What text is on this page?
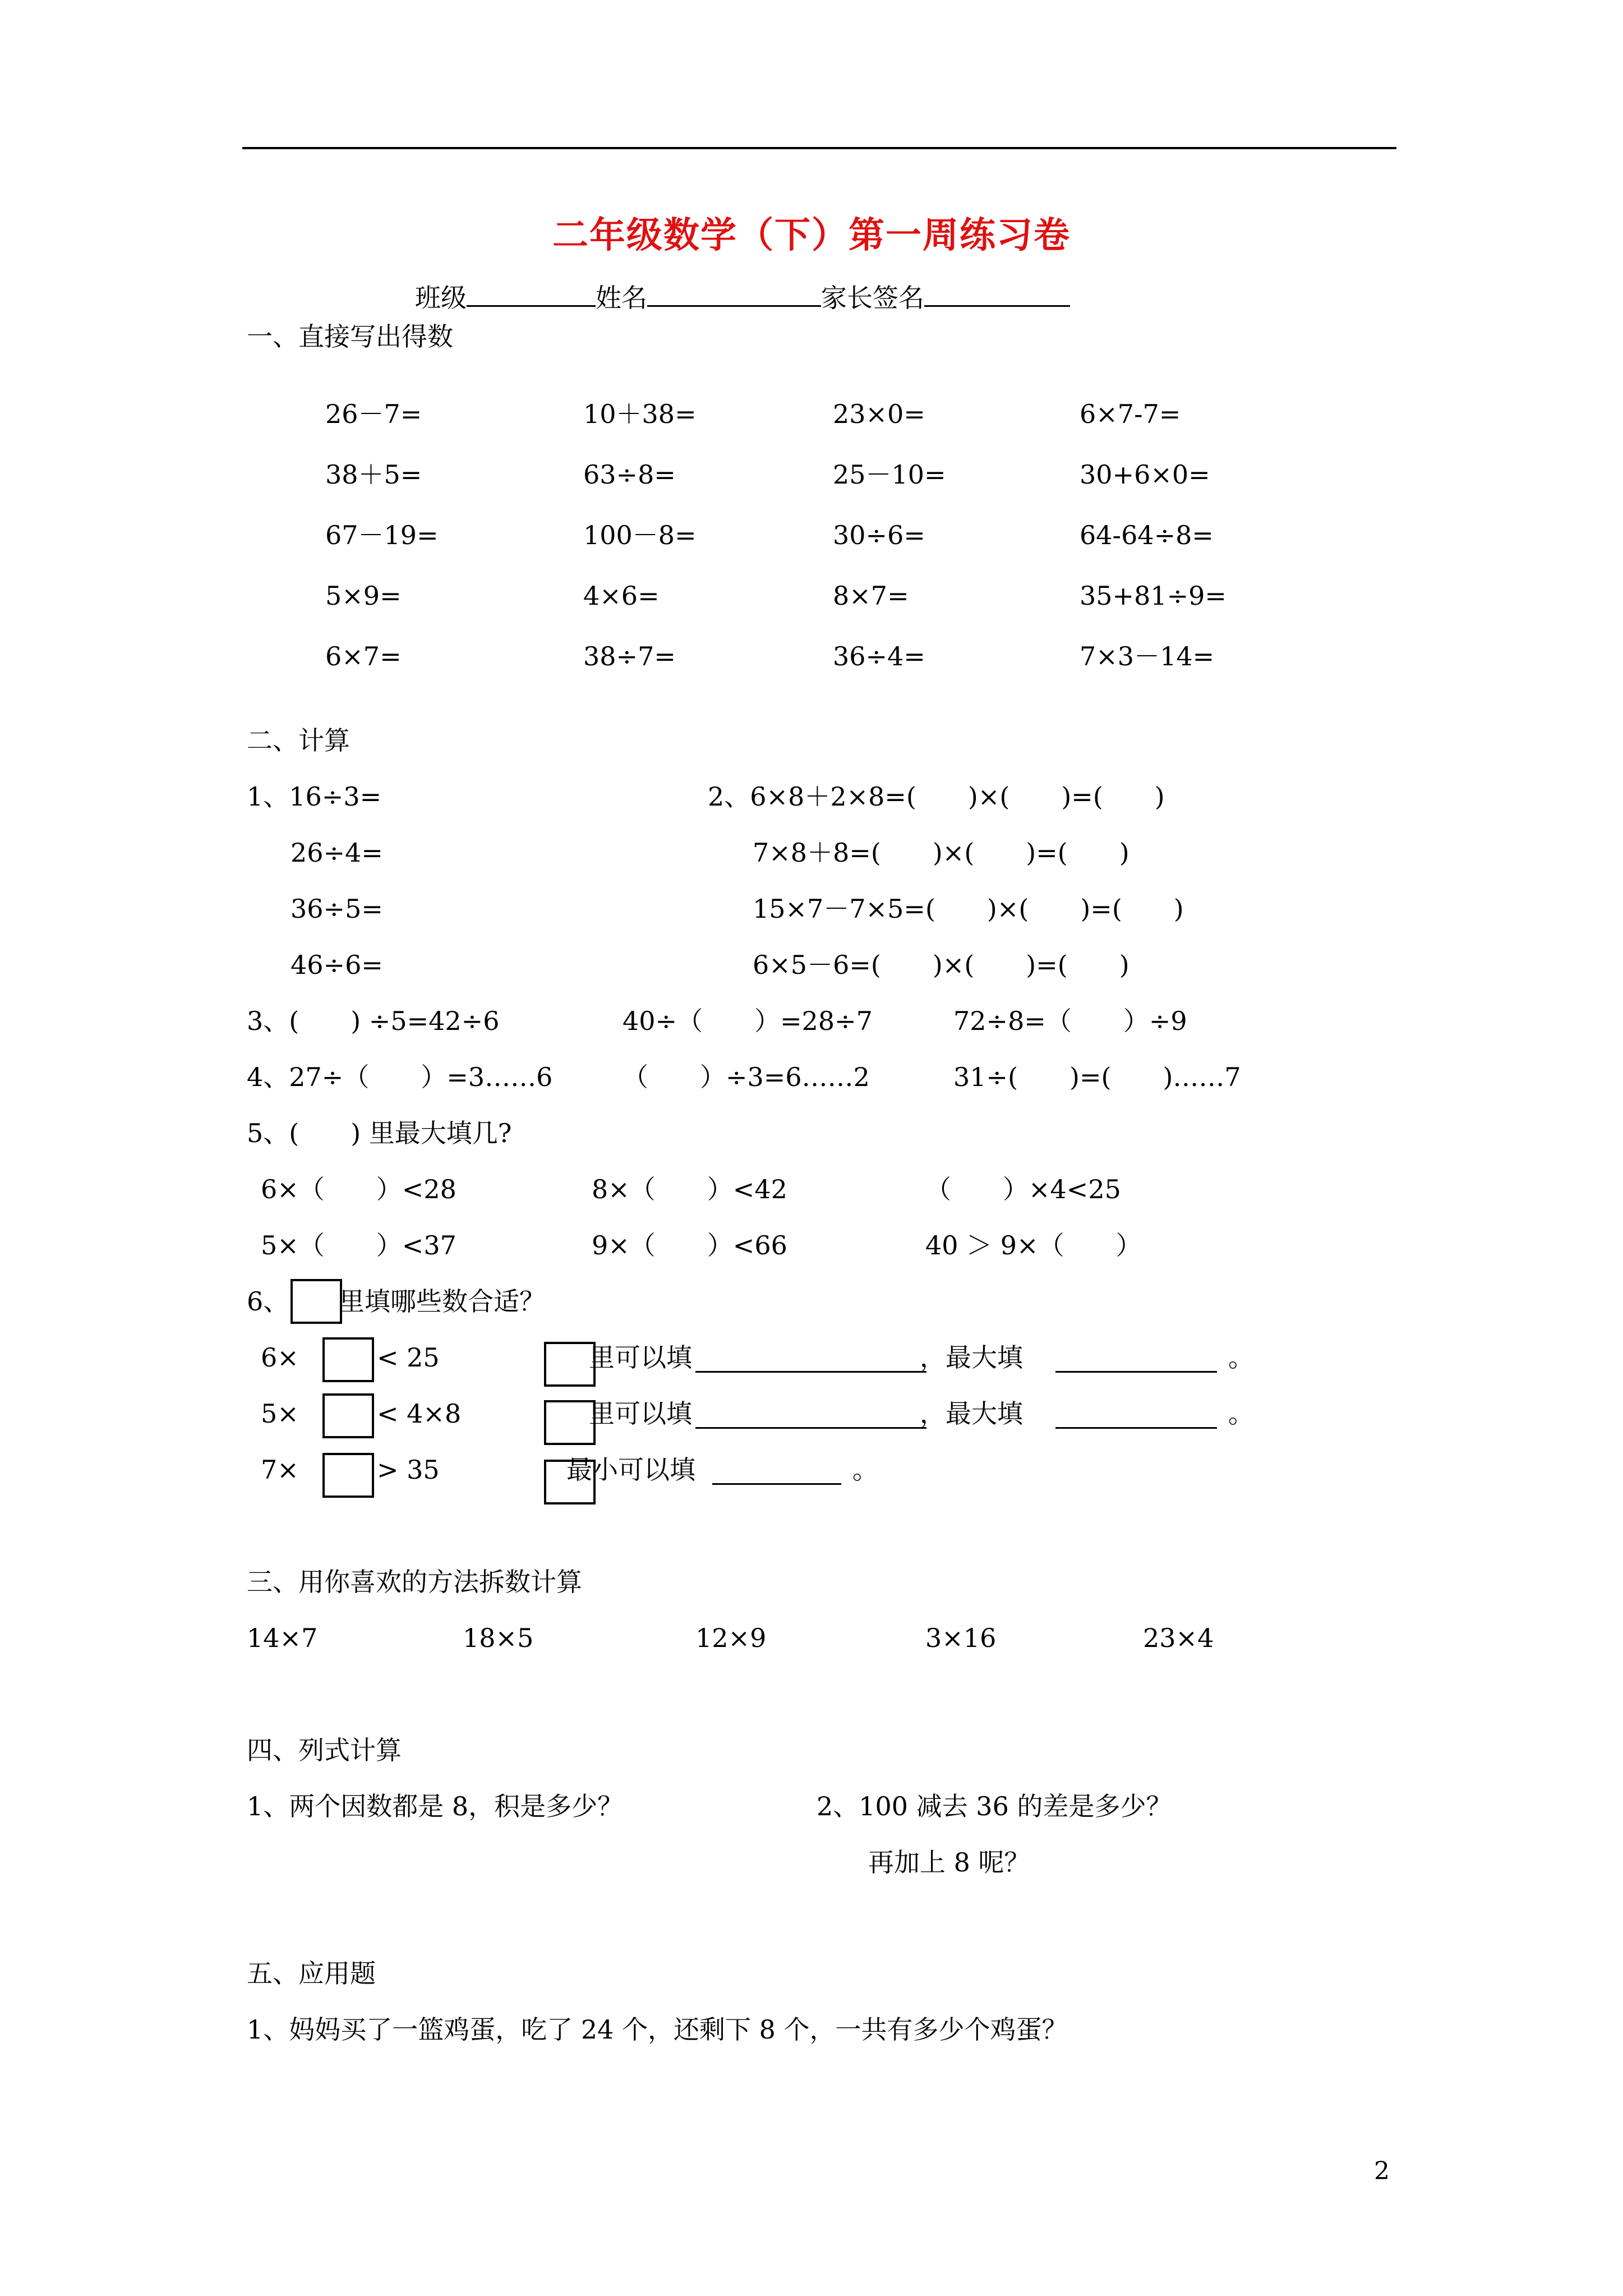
二年级数学（下）第一周练习卷
班级	姓名	家长签名
一、直接写出得数
26－7=	10＋38=	23×0=	6×7-7=
38＋5=	63÷8=	25－10=	30+6×0=
67－19=	100－8=	30÷6=	64-64÷8=
5×9=	4×6=	8×7=	35+81÷9=
6×7=	38÷7=	36÷4=	7×3－14=
二、计算
1、16÷3=
26÷4=
36÷5=
46÷6=
2、6×8＋2×8=(　　)×(　　)=(　　)
7×8＋8=(　　)×(　　)=(　　)
15×7－7×5=(　　)×(　　)=(　　)
6×5－6=(　　)×(　　)=(　　)
3、(　　) ÷5=42÷6	40÷（　　）=28÷7	72÷8=（　　）÷9
4、27÷（　　）=3……6	（　　）÷3=6……2	31÷(　　)=(　　)……7
5、(　　) 里最大填几?
6×（　　）<28	8×（　　）<42	（　　）×4<25
5×（　　）<37	9×（　　）<66	40 ＞ 9×（　　）
6、 里填哪些数合适？
6×	< 25	里可以填	，最大填	。
5×	< 4×8	里可以填	，最大填	。
7×	> 35	最小可以填	。
三、用你喜欢的方法拆数计算
14×7	18×5	12×9	3×16	23×4
四、列式计算
1、两个因数都是 8，积是多少？	2、100 减去 36 的差是多少？
再加上 8 呢？
五、应用题
1、妈妈买了一篮鸡蛋，吃了 24 个，还剩下 8 个，一共有多少个鸡蛋？
2
